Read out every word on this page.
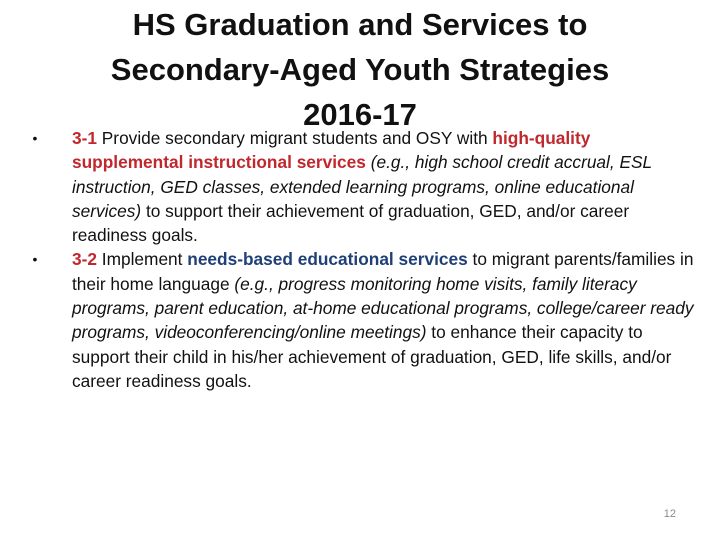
HS Graduation and Services to
Secondary-Aged Youth Strategies
2016-17
• 3-1 Provide secondary migrant students and OSY with high-quality supplemental instructional services (e.g., high school credit accrual, ESL instruction, GED classes, extended learning programs, online educational services) to support their achievement of graduation, GED, and/or career readiness goals.
• 3-2 Implement needs-based educational services to migrant parents/families in their home language (e.g., progress monitoring home visits, family literacy programs, parent education, at-home educational programs, college/career ready programs, videoconferencing/online meetings) to enhance their capacity to support their child in his/her achievement of graduation, GED, life skills, and/or career readiness goals.
12
